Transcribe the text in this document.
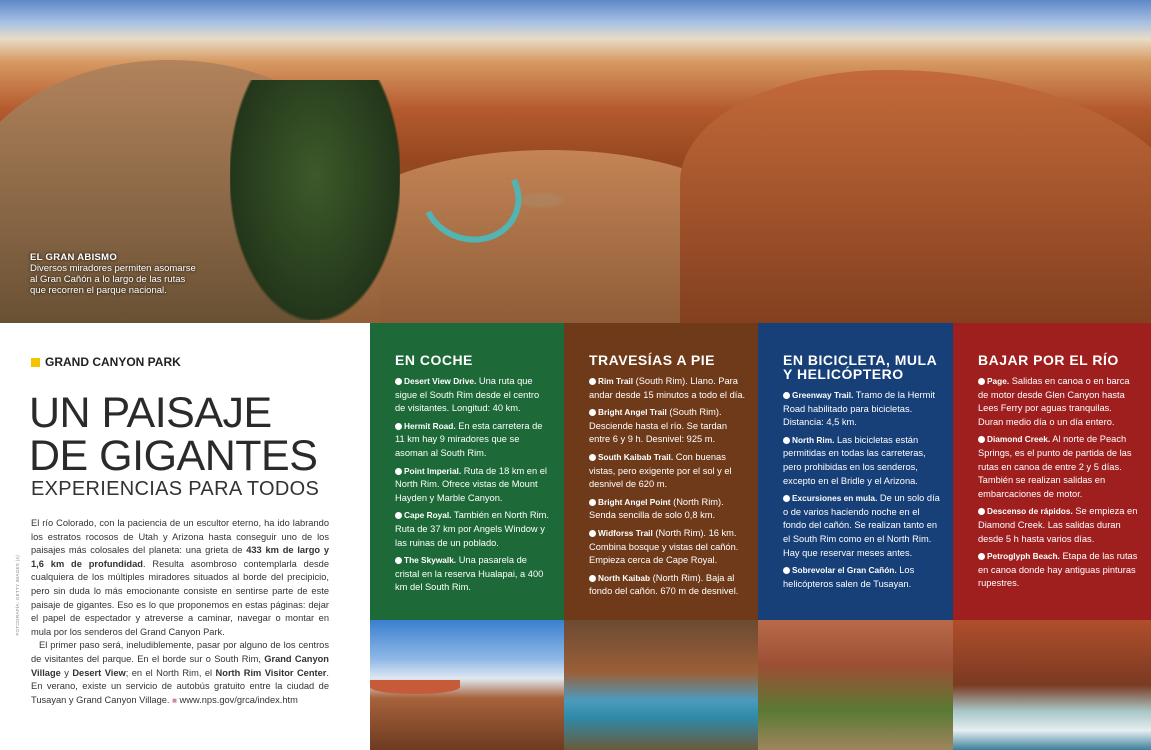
EL GRAN ABISMO
Diversos miradores permiten asomarse al Gran Cañón a lo largo de las rutas que recorren el parque nacional.
FOTOGRAFÍA: GETTY IMAGES (4)
GRAND CANYON PARK
UN PAISAJE
DE GIGANTES
EXPERIENCIAS PARA TODOS

El río Colorado, con la paciencia de un escultor eterno, ha ido labrando los estratos rocosos de Utah y Arizona hasta conseguir uno de los paisajes más colosales del planeta: una grieta de 433 km de largo y 1,6 km de profundidad. Resulta asombroso contemplarla desde cualquiera de los múltiples miradores situados al borde del precipicio, pero sin duda lo más emocionante consiste en sentirse parte de este paisaje de gigantes. Eso es lo que proponemos en estas páginas: dejar el papel de espectador y atreverse a caminar, navegar o montar en mula por los senderos del Grand Canyon Park.

El primer paso será, ineludiblemente, pasar por alguno de los centros de visitantes del parque. En el borde sur o South Rim, Grand Canyon Village y Desert View; en el North Rim, el North Rim Visitor Center. En verano, existe un servicio de autobús gratuito entre la ciudad de Tusayan y Grand Canyon Village. ■ www.nps.gov/grca/index.htm

EN COCHE
Desert View Drive. Una ruta que sigue el South Rim desde el centro de visitantes. Longitud: 40 km.
Hermit Road. En esta carretera de 11 km hay 9 miradores que se asoman al South Rim.
Point Imperial. Ruta de 18 km en el North Rim. Ofrece vistas de Mount Hayden y Marble Canyon.
Cape Royal. También en North Rim. Ruta de 37 km por Angels Window y las ruinas de un poblado.
The Skywalk. Una pasarela de cristal en la reserva Hualapai, a 400 km del South Rim.
TRAVESÍAS A PIE
Rim Trail (South Rim). Llano. Para andar desde 15 minutos a todo el día.
Bright Angel Trail (South Rim). Desciende hasta el río. Se tardan entre 6 y 9 h. Desnivel: 925 m.
South Kaibab Trail. Con buenas vistas, pero exigente por el sol y el desnivel de 620 m.
Bright Angel Point (North Rim). Senda sencilla de solo 0,8 km.
Widforss Trail (North Rim). 16 km. Combina bosque y vistas del cañón. Empieza cerca de Cape Royal.
North Kaibab (North Rim). Baja al fondo del cañón. 670 m de desnivel.
EN BICICLETA, MULA Y HELICÓPTERO
Greenway Trail. Tramo de la Hermit Road habilitado para bicicletas. Distancia: 4,5 km.
North Rim. Las bicicletas están permitidas en todas las carreteras, pero prohibidas en los senderos, excepto en el Bridle y el Arizona.
Excursiones en mula. De un solo día o de varios haciendo noche en el fondo del cañón. Se realizan tanto en el South Rim como en el North Rim. Hay que reservar meses antes.
Sobrevolar el Gran Cañón. Los helicópteros salen de Tusayan.
BAJAR POR EL RÍO
Page. Salidas en canoa o en barca de motor desde Glen Canyon hasta Lees Ferry por aguas tranquilas. Duran medio día o un día entero.
Diamond Creek. Al norte de Peach Springs, es el punto de partida de las rutas en canoa de entre 2 y 5 días. También se realizan salidas en embarcaciones de motor.
Descenso de rápidos. Se empieza en Diamond Creek. Las salidas duran desde 5 h hasta varios días.
Petroglyph Beach. Etapa de las rutas en canoa donde hay antiguas pinturas rupestres.
